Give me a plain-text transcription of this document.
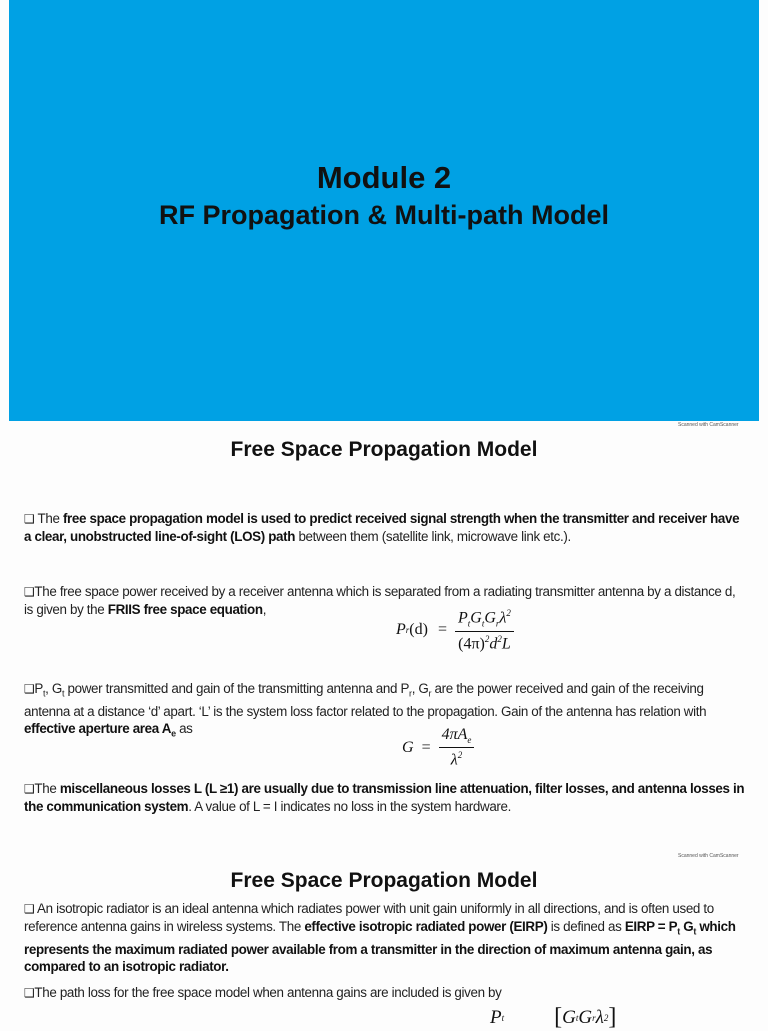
Module 2
RF Propagation & Multi-path Model
Scanned with CamScanner
Free Space Propagation Model
❑ The free space propagation model is used to predict received signal strength when the transmitter and receiver have a clear, unobstructed line-of-sight (LOS) path between them (satellite link, microwave link etc.).
❑The free space power received by a receiver antenna which is separated from a radiating transmitter antenna by a distance d, is given by the FRIIS free space equation,
P r $(d) = \frac{P_tG_tG_r\lambda^2}{(4\pi)^2d^2L}$
$❑P_t$, $G_t$ power transmitted and gain of the transmitting antenna and $P_r$, $G_r$ are the power received and gain of the receiving antenna at a distance ‘d’ apart. ‘L’ is the system loss factor related to the propagation. Gain of the antenna has relation with effective aperture area $A_e$ as
$G = \frac{4\pi A_e}{\lambda^2}$
❑The miscellaneous losses L (L ≥1) are usually due to transmission line attenuation, filter losses, and antenna losses in the communication system. A value of L = I indicates no loss in the system hardware.
Scanned with CamScanner
Free Space Propagation Model
❑ An isotropic radiator is an ideal antenna which radiates power with unit gain uniformly in all directions, and is often used to reference antenna gains in wireless systems. The effective isotropic radiated power (EIRP) is defined as EIRP = $P_t$ $G_t$ which represents the maximum radiated power available from a transmitter in the direction of maximum antenna gain, as compared to an isotropic radiator.
❑The path loss for the free space model when antenna gains are included is given by
P t [ G t G r λ 2 ]
